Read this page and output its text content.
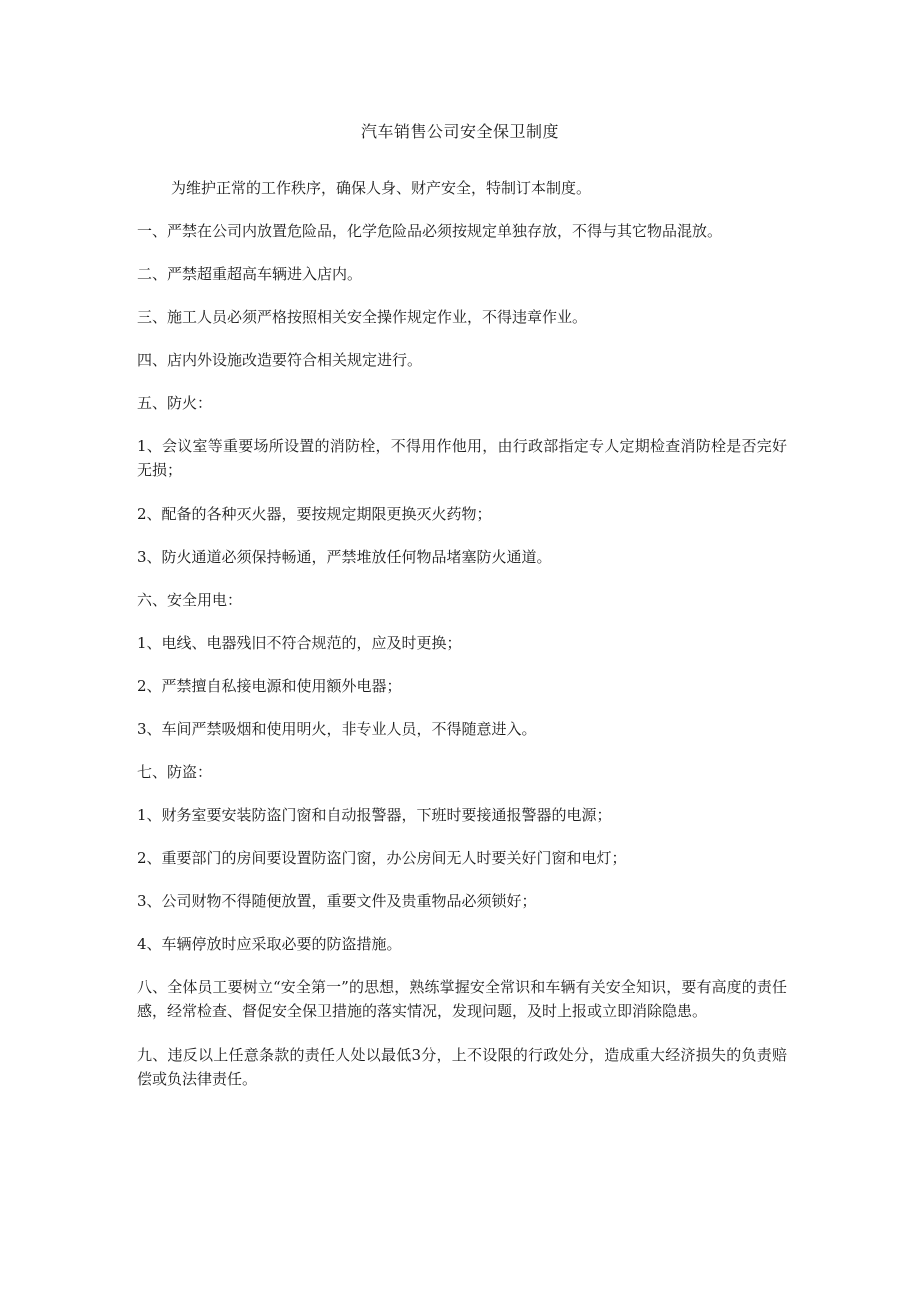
汽车销售公司安全保卫制度

为维护正常的工作秩序，确保人身、财产安全，特制订本制度。

一、严禁在公司内放置危险品，化学危险品必须按规定单独存放，不得与其它物品混放。

二、严禁超重超高车辆进入店内。

三、施工人员必须严格按照相关安全操作规定作业，不得违章作业。

四、店内外设施改造要符合相关规定进行。

五、防火：

1、会议室等重要场所设置的消防栓，不得用作他用，由行政部指定专人定期检查消防栓是否完好无损；

2、配备的各种灭火器，要按规定期限更换灭火药物；

3、防火通道必须保持畅通，严禁堆放任何物品堵塞防火通道。

六、安全用电：

1、电线、电器残旧不符合规范的，应及时更换；

2、严禁擅自私接电源和使用额外电器；

3、车间严禁吸烟和使用明火，非专业人员，不得随意进入。

七、防盗：

1、财务室要安装防盗门窗和自动报警器，下班时要接通报警器的电源；

2、重要部门的房间要设置防盗门窗，办公房间无人时要关好门窗和电灯；

3、公司财物不得随便放置，重要文件及贵重物品必须锁好；

4、车辆停放时应采取必要的防盗措施。

八、全体员工要树立“安全第一”的思想，熟练掌握安全常识和车辆有关安全知识，要有高度的责任感，经常检查、督促安全保卫措施的落实情况，发现问题，及时上报或立即消除隐患。

九、违反以上任意条款的责任人处以最低3分，上不设限的行政处分，造成重大经济损失的负责赔偿或负法律责任。
